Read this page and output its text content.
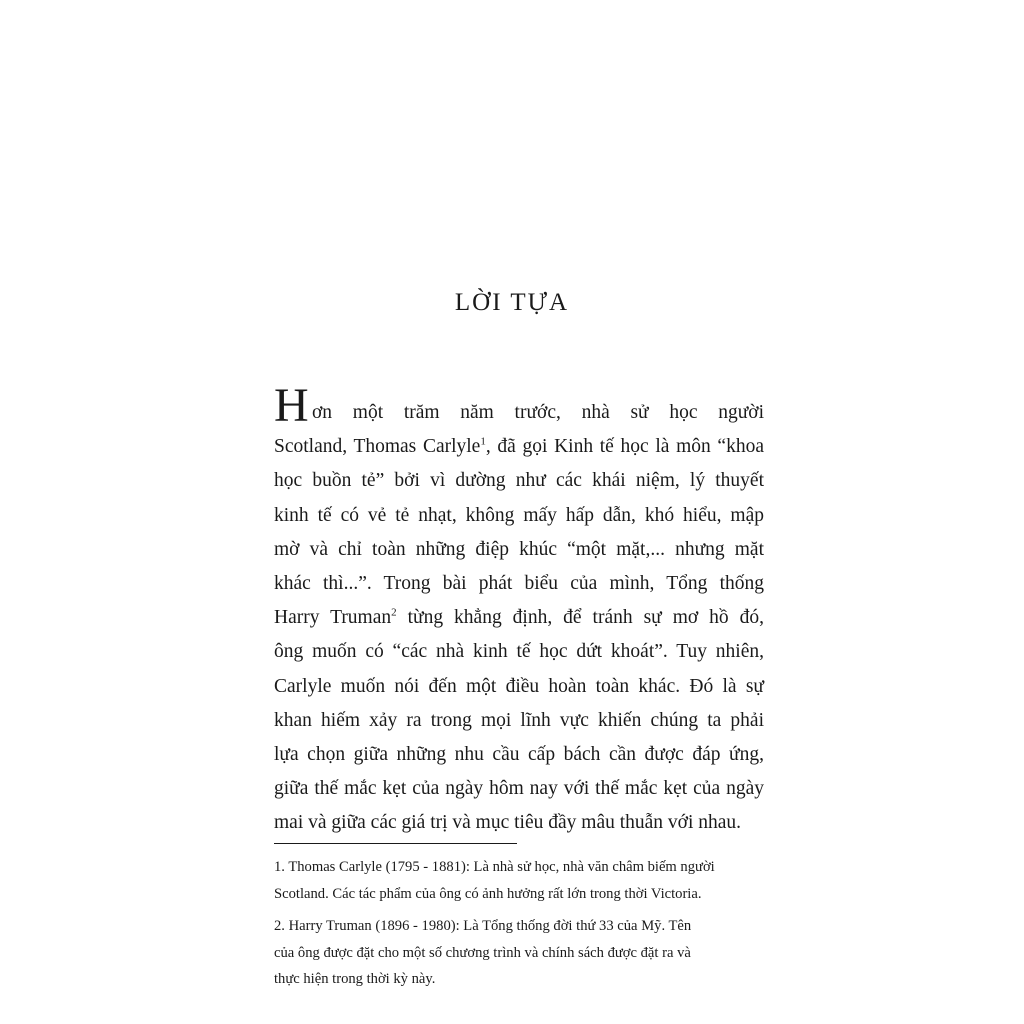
LỜI TỰA
H ơn một trăm năm trước, nhà sử học người
Scotland, Thomas Carlyle$^1$, đã gọi Kinh tế học là môn “khoa
học buồn tẻ” bởi vì dường như các khái niệm, lý thuyết
kinh tế có vẻ tẻ nhạt, không mấy hấp dẫn, khó hiểu, mập
mờ và chỉ toàn những điệp khúc “một mặt,... nhưng mặt
khác thì...”. Trong bài phát biểu của mình, Tổng thống
Harry Truman$^2$ từng khẳng định, để tránh sự mơ hồ đó,
ông muốn có “các nhà kinh tế học dứt khoát”. Tuy nhiên,
Carlyle muốn nói đến một điều hoàn toàn khác. Đó là sự
khan hiếm xảy ra trong mọi lĩnh vực khiến chúng ta phải
lựa chọn giữa những nhu cầu cấp bách cần được đáp ứng,
giữa thế mắc kẹt của ngày hôm nay với thế mắc kẹt của ngày
mai và giữa các giá trị và mục tiêu đầy mâu thuẫn với nhau.
1. Thomas Carlyle (1795 - 1881): Là nhà sử học, nhà văn châm biếm người
Scotland. Các tác phẩm của ông có ảnh hưởng rất lớn trong thời Victoria.
2. Harry Truman (1896 - 1980): Là Tổng thống đời thứ 33 của Mỹ. Tên
của ông được đặt cho một số chương trình và chính sách được đặt ra và
thực hiện trong thời kỳ này.
